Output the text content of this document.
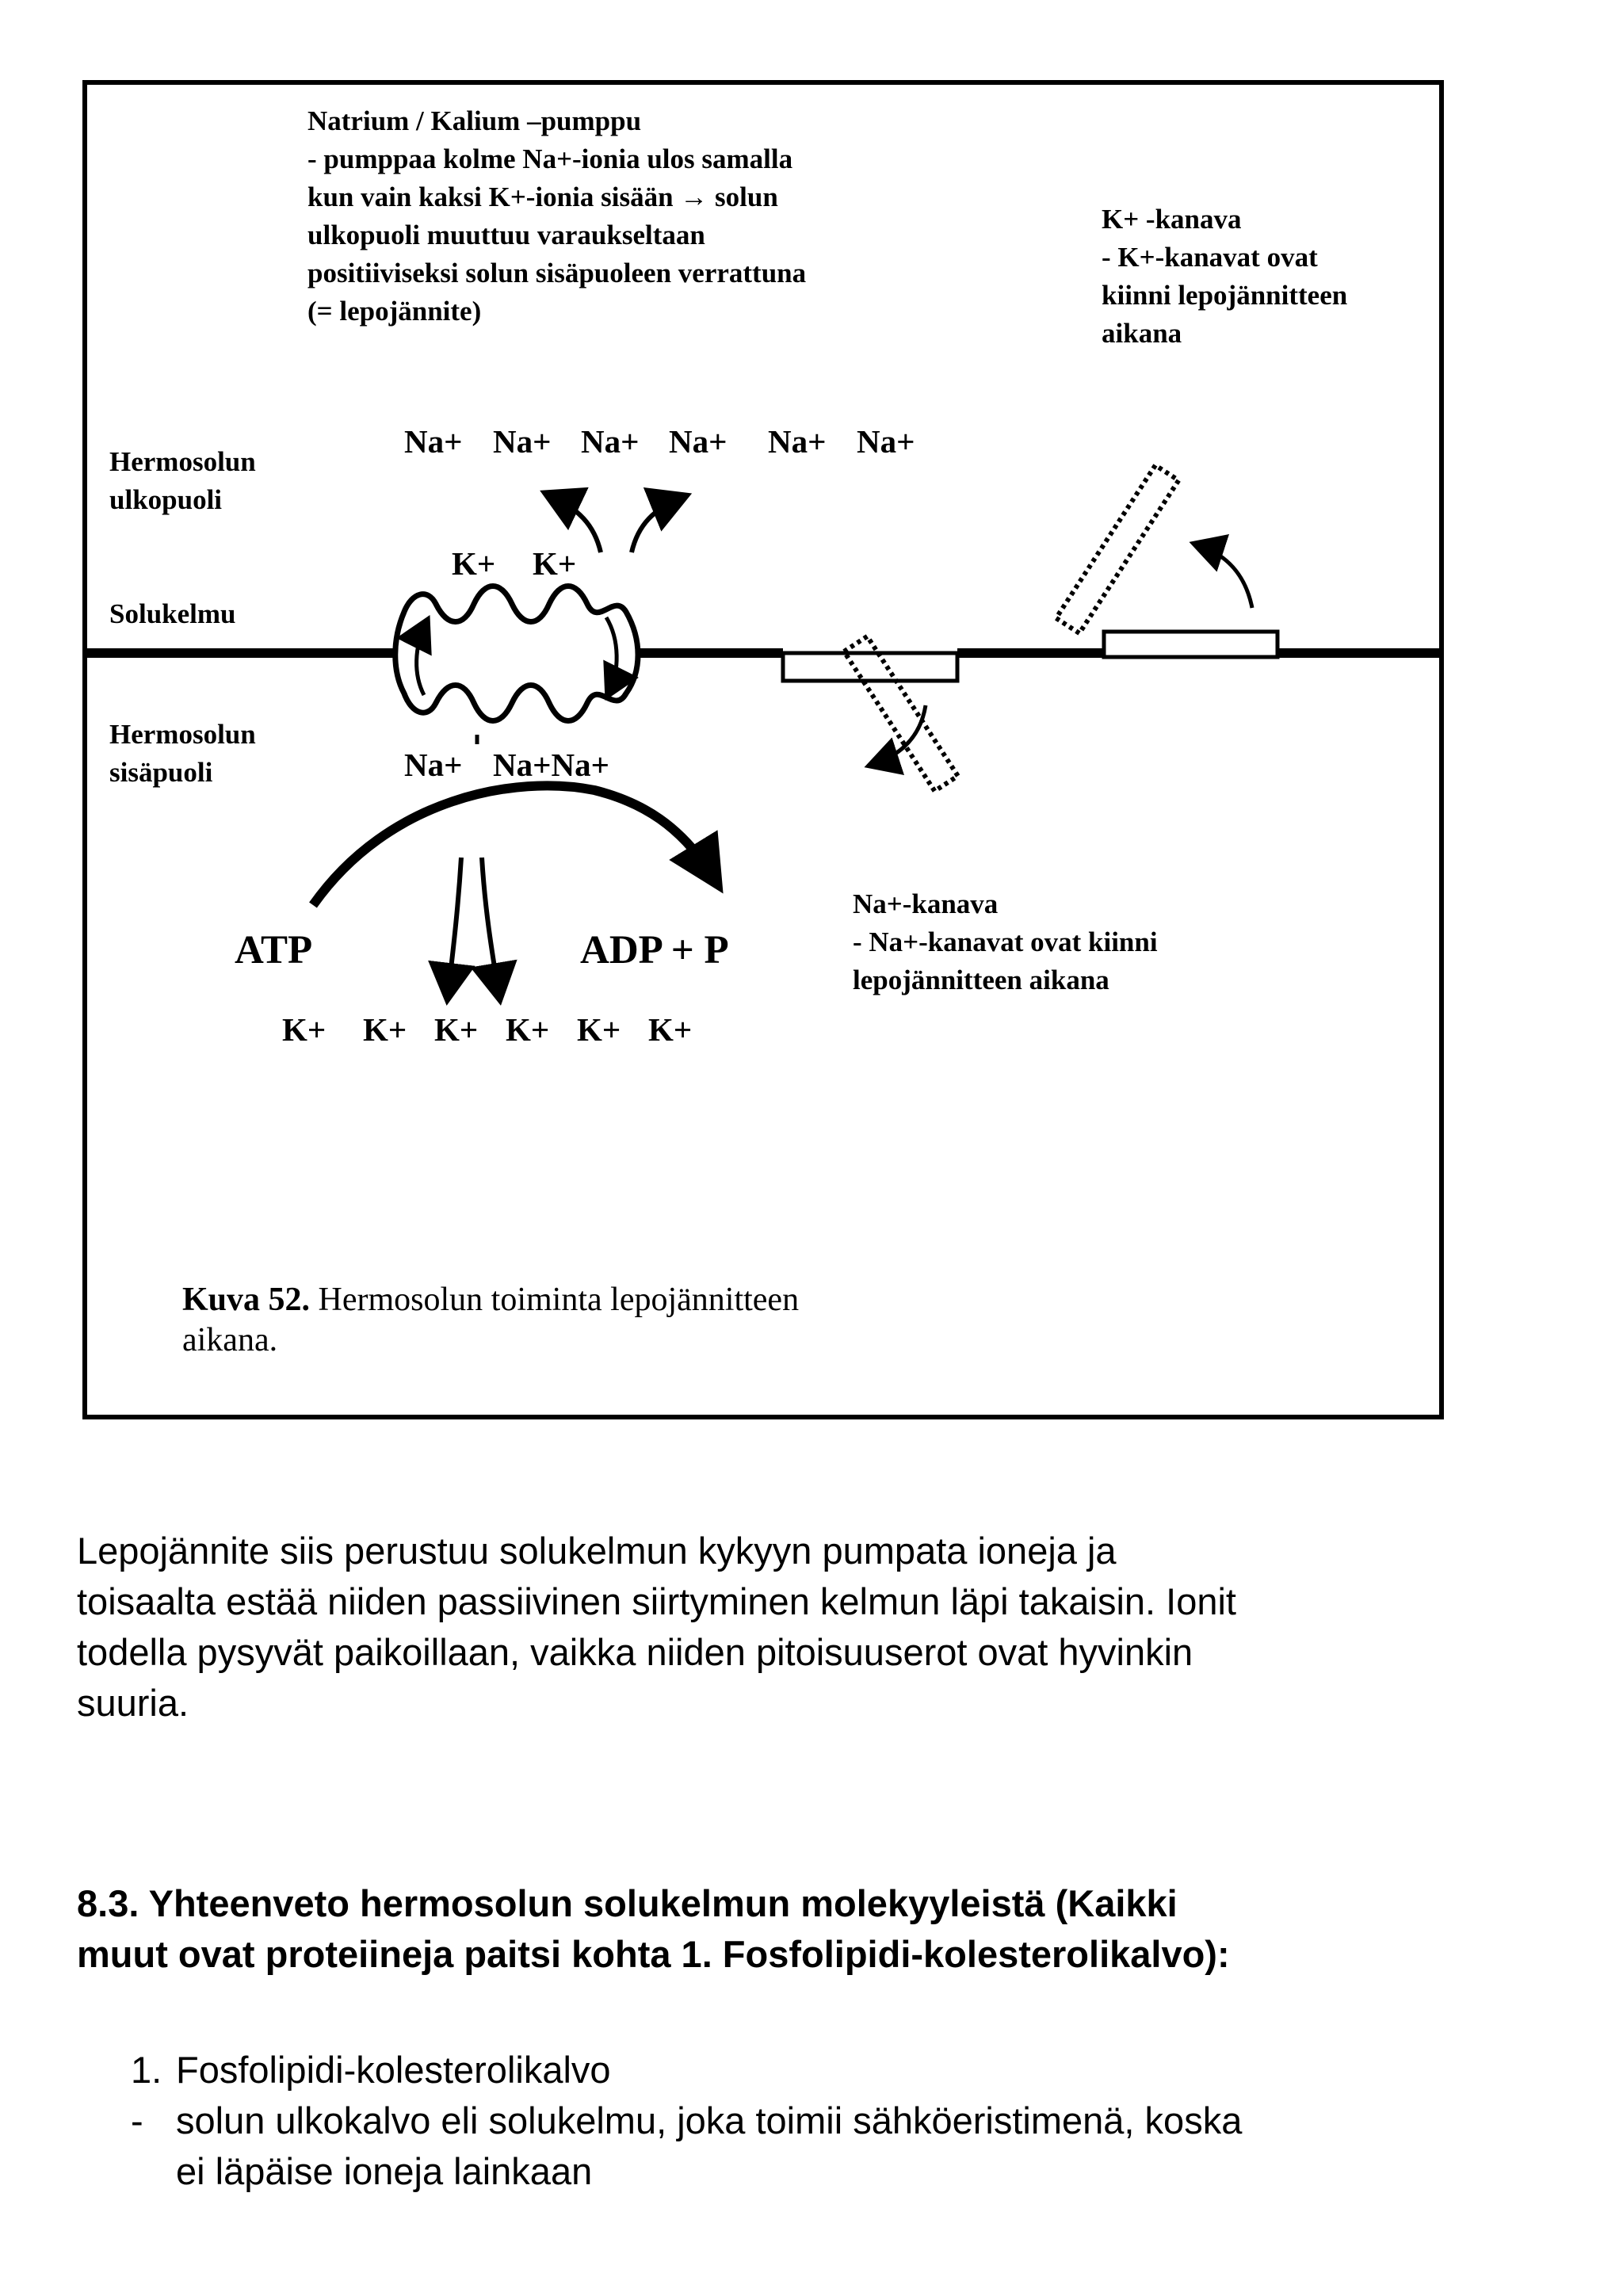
Natrium / Kalium –pumppu
- pumppaa kolme Na+-ionia ulos samalla
kun vain kaksi K+-ionia sisään → solun
ulkopuoli muuttuu varaukseltaan
positiiviseksi solun sisäpuoleen verrattuna
(= lepojännite)
K+ -kanava
- K+-kanavat ovat
kiinni lepojännitteen
aikana
Hermosolun
ulkopuoli
Solukelmu
Hermosolun
sisäpuoli
Na+ Na+ Na+ Na+ Na+ Na+
K+ K+
Na+ Na+Na+
ATP	ADP + P
K+ K+ K+ K+ K+ K+
Na+-kanava
- Na+-kanavat ovat kiinni
lepojännitteen aikana
Kuva 52. Hermosolun toiminta lepojännitteen
aikana.

Lepojännite siis perustuu solukelmun kykyyn pumpata ioneja ja
toisaalta estää niiden passiivinen siirtyminen kelmun läpi takaisin. Ionit
todella pysyvät paikoillaan, vaikka niiden pitoisuuserot ovat hyvinkin
suuria.

8.3. Yhteenveto hermosolun solukelmun molekyyleistä (Kaikki
muut ovat proteiineja paitsi kohta 1. Fosfolipidi-kolesterolikalvo):
1. Fosfolipidi-kolesterolikalvo
- solun ulkokalvo eli solukelmu, joka toimii sähköeristimenä, koska
ei läpäise ioneja lainkaan
